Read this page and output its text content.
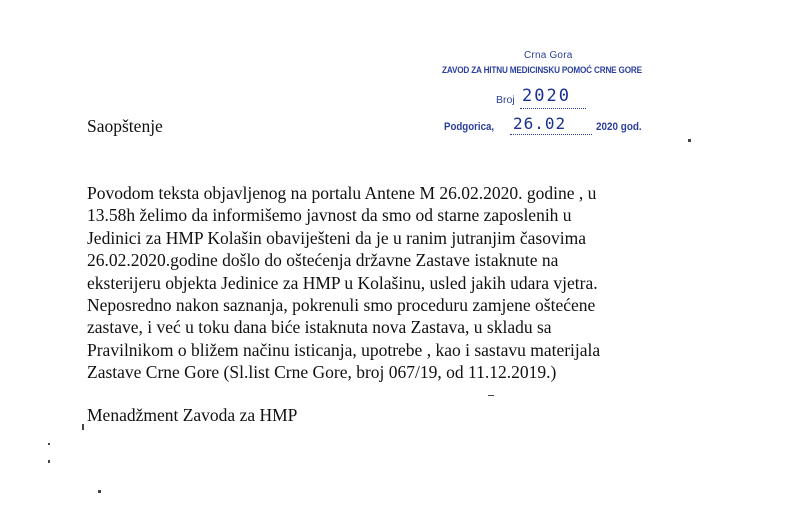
Crna Gora
ZAVOD ZA HITNU MEDICINSKU POMOĆ CRNE GORE
Broj 2020
Podgorica, 26.02	2020 god.
Saopštenje
Povodom teksta objavljenog na portalu Antene M 26.02.2020. godine , u
13.58h želimo da informišemo javnost da smo od starne zaposlenih u
Jedinici za HMP Kolašin obaviješteni da je u ranim jutranjim časovima
26.02.2020.godine došlo do oštećenja državne Zastave istaknute na
eksterijeru objekta Jedinice za HMP u Kolašinu, usled jakih udara vjetra.
Neposredno nakon saznanja, pokrenuli smo proceduru zamjene oštećene
zastave, i već u toku dana biće istaknuta nova Zastava, u skladu sa
Pravilnikom o bližem načinu isticanja, upotrebe , kao i sastavu materijala
Zastave Crne Gore (Sl.list Crne Gore, broj 067/19, od 11.12.2019.)
Menadžment Zavoda za HMP
